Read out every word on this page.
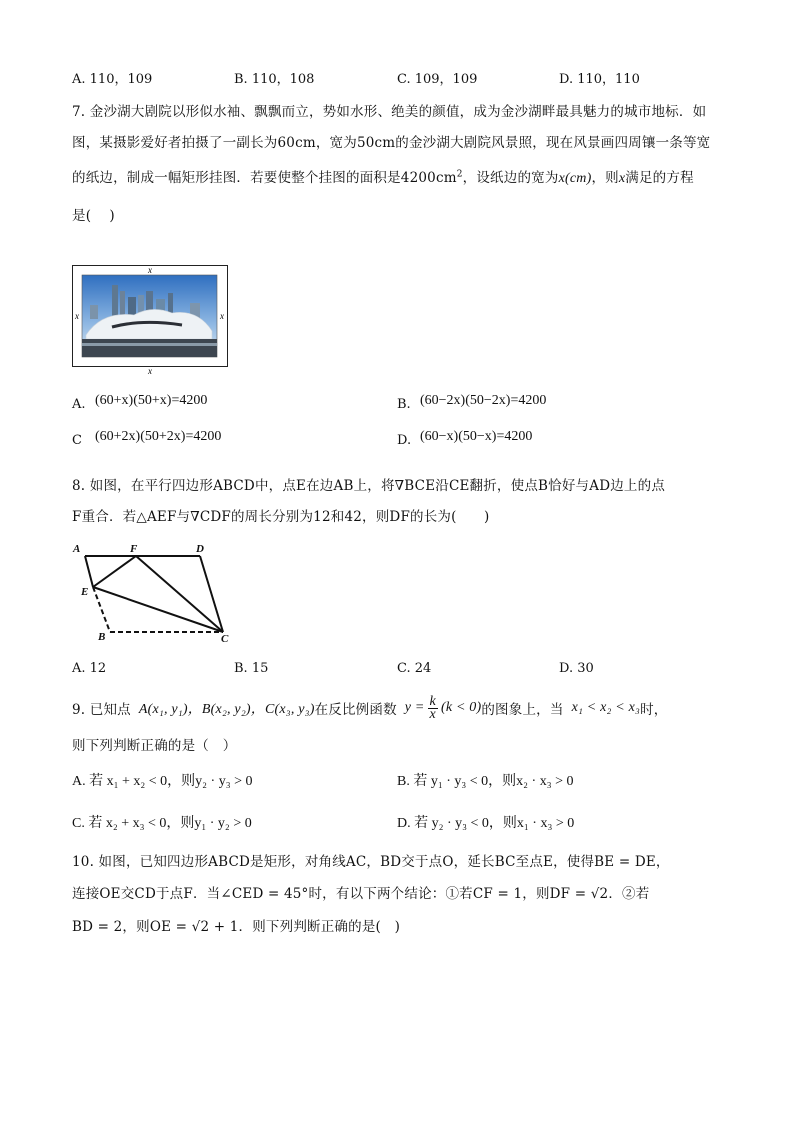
A. 110，109	B. 110，108	C. 109，109	D. 110，110
7. 金沙湖大剧院以形似水袖、飘飘而立，势如水形、绝美的颜值，成为金沙湖畔最具魅力的城市地标．如
图，某摄影爱好者拍摄了一副长为60cm，宽为50cm的金沙湖大剧院风景照，现在风景画四周镶一条等宽
的纸边，制成一幅矩形挂图．若要使整个挂图的面积是$4200cm^2$，设纸边的宽为x(cm)，则x满足的方程
是(　 )
x
x	x
x
A. (60+x)(50+x)=4200	B. (60−2x)(50−2x)=4200
C (60+2x)(50+2x)=4200	D. (60−x)(50−x)=4200
8. 如图，在平行四边形ABCD中，点E在边AB上，将∇BCE沿CE翻折，使点B恰好与AD边上的点
F重合．若△AEF与∇CDF的周长分别为12和42，则DF的长为(　　)
A	F	D
E
B	C
A. 12	B. 15	C. 24	D. 30
9. 已知点 A(x₁, y₁)，B(x₂, y₂)，C(x₃, y₃) 在反比例函数 $y = \frac{k}{x} (k < 0)$ 的图象上，当 x₁ < x₂ < x₃ 时，
则下列判断正确的是（　）
A. 若 x₁ + x₂ < 0，则y₂ · y₃ > 0	B. 若 y₁ · y₃ < 0，则x₂ · x₃ > 0
C. 若 x₂ + x₃ < 0，则y₁ · y₂ > 0	D. 若 y₂ · y₃ < 0，则x₁ · x₃ > 0
10. 如图，已知四边形ABCD是矩形，对角线AC，BD交于点O，延长BC至点E，使得BE = DE，
连接OE交CD于点F．当∠CED = 45°时，有以下两个结论：①若CF = 1，则DF = √2．②若
BD = 2，则OE = √2 + 1．则下列判断正确的是(　)
